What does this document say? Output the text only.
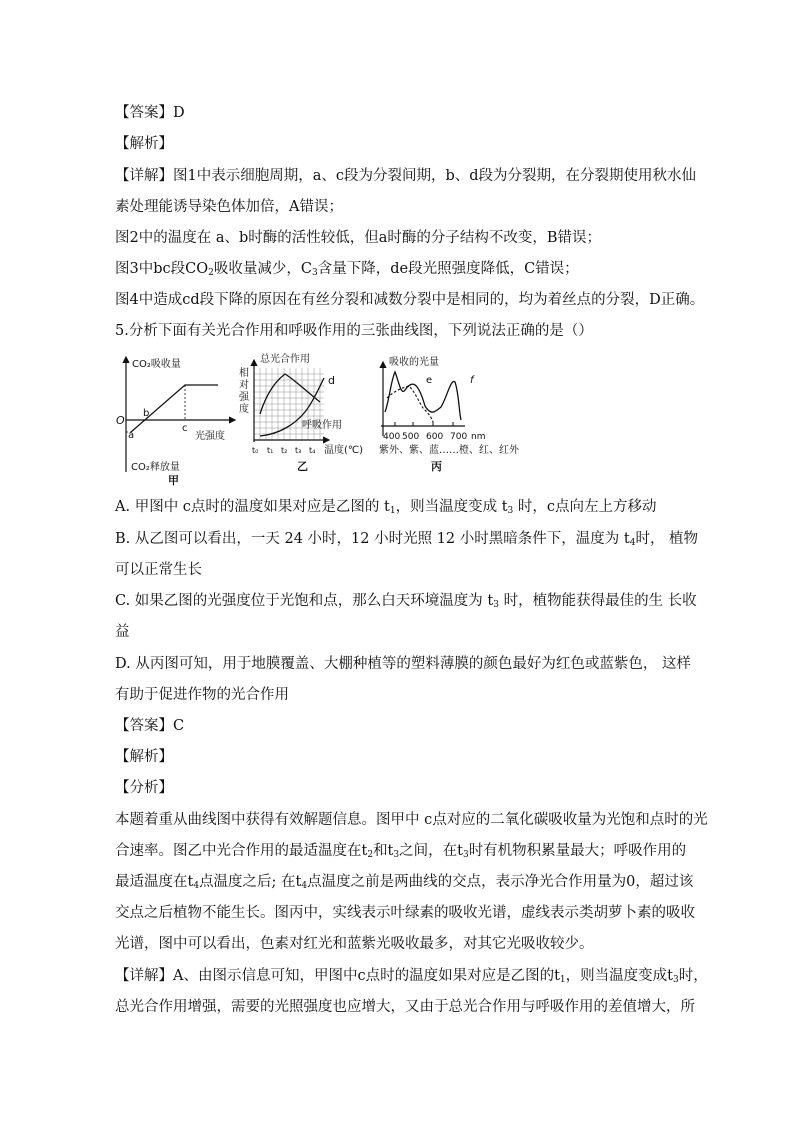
【答案】D
【解析】
【详解】图1中表示细胞周期，a、c段为分裂间期，b、d段为分裂期，在分裂期使用秋水仙
素处理能诱导染色体加倍，A错误；
图2中的温度在 a、b时酶的活性较低，但a时酶的分子结构不改变，B错误；
图3中bc段$CO_2$吸收量减少，$C_3$含量下降，de段光照强度降低，C错误；
图4中造成cd段下降的原因在有丝分裂和减数分裂中是相同的，均为着丝点的分裂，D正确。
5.分析下面有关光合作用和呼吸作用的三张曲线图，下列说法正确的是（）
CO₂吸收量
CO₂释放量
光强度
O
a
b
c
甲
相
对
强
度
总光合作用
呼吸作用
d
t₀ t₁ t₂ t₃ t₄ 温度(℃)
乙
吸收的光量
e	f
400 500 600 700 nm
紫外、紫、蓝……橙、红、红外
丙
A. 甲图中 c点时的温度如果对应是乙图的 $t_1$，则当温度变成 $t_3$ 时，c点向左上方移动
B. 从乙图可以看出，一天 24 小时，12 小时光照 12 小时黑暗条件下，温度为 $t_4$时， 植物
可以正常生长
C. 如果乙图的光强度位于光饱和点，那么白天环境温度为 $t_3$ 时，植物能获得最佳的生 长收
益
D. 从丙图可知，用于地膜覆盖、大棚种植等的塑料薄膜的颜色最好为红色或蓝紫色， 这样
有助于促进作物的光合作用
【答案】C
【解析】
【分析】
本题着重从曲线图中获得有效解题信息。图甲中 c点对应的二氧化碳吸收量为光饱和点时的光
合速率。图乙中光合作用的最适温度在$t_2$和$t_3$之间，在$t_3$时有机物积累量最大；呼吸作用的
最适温度在$t_4$点温度之后; 在$t_4$点温度之前是两曲线的交点，表示净光合作用量为0，超过该
交点之后植物不能生长。图丙中，实线表示叶绿素的吸收光谱，虚线表示类胡萝卜素的吸收
光谱，图中可以看出，色素对红光和蓝紫光吸收最多，对其它光吸收较少。
【详解】A、由图示信息可知，甲图中c点时的温度如果对应是乙图的$t_1$，则当温度变成$t_3$时，
总光合作用增强，需要的光照强度也应增大，又由于总光合作用与呼吸作用的差值增大，所
